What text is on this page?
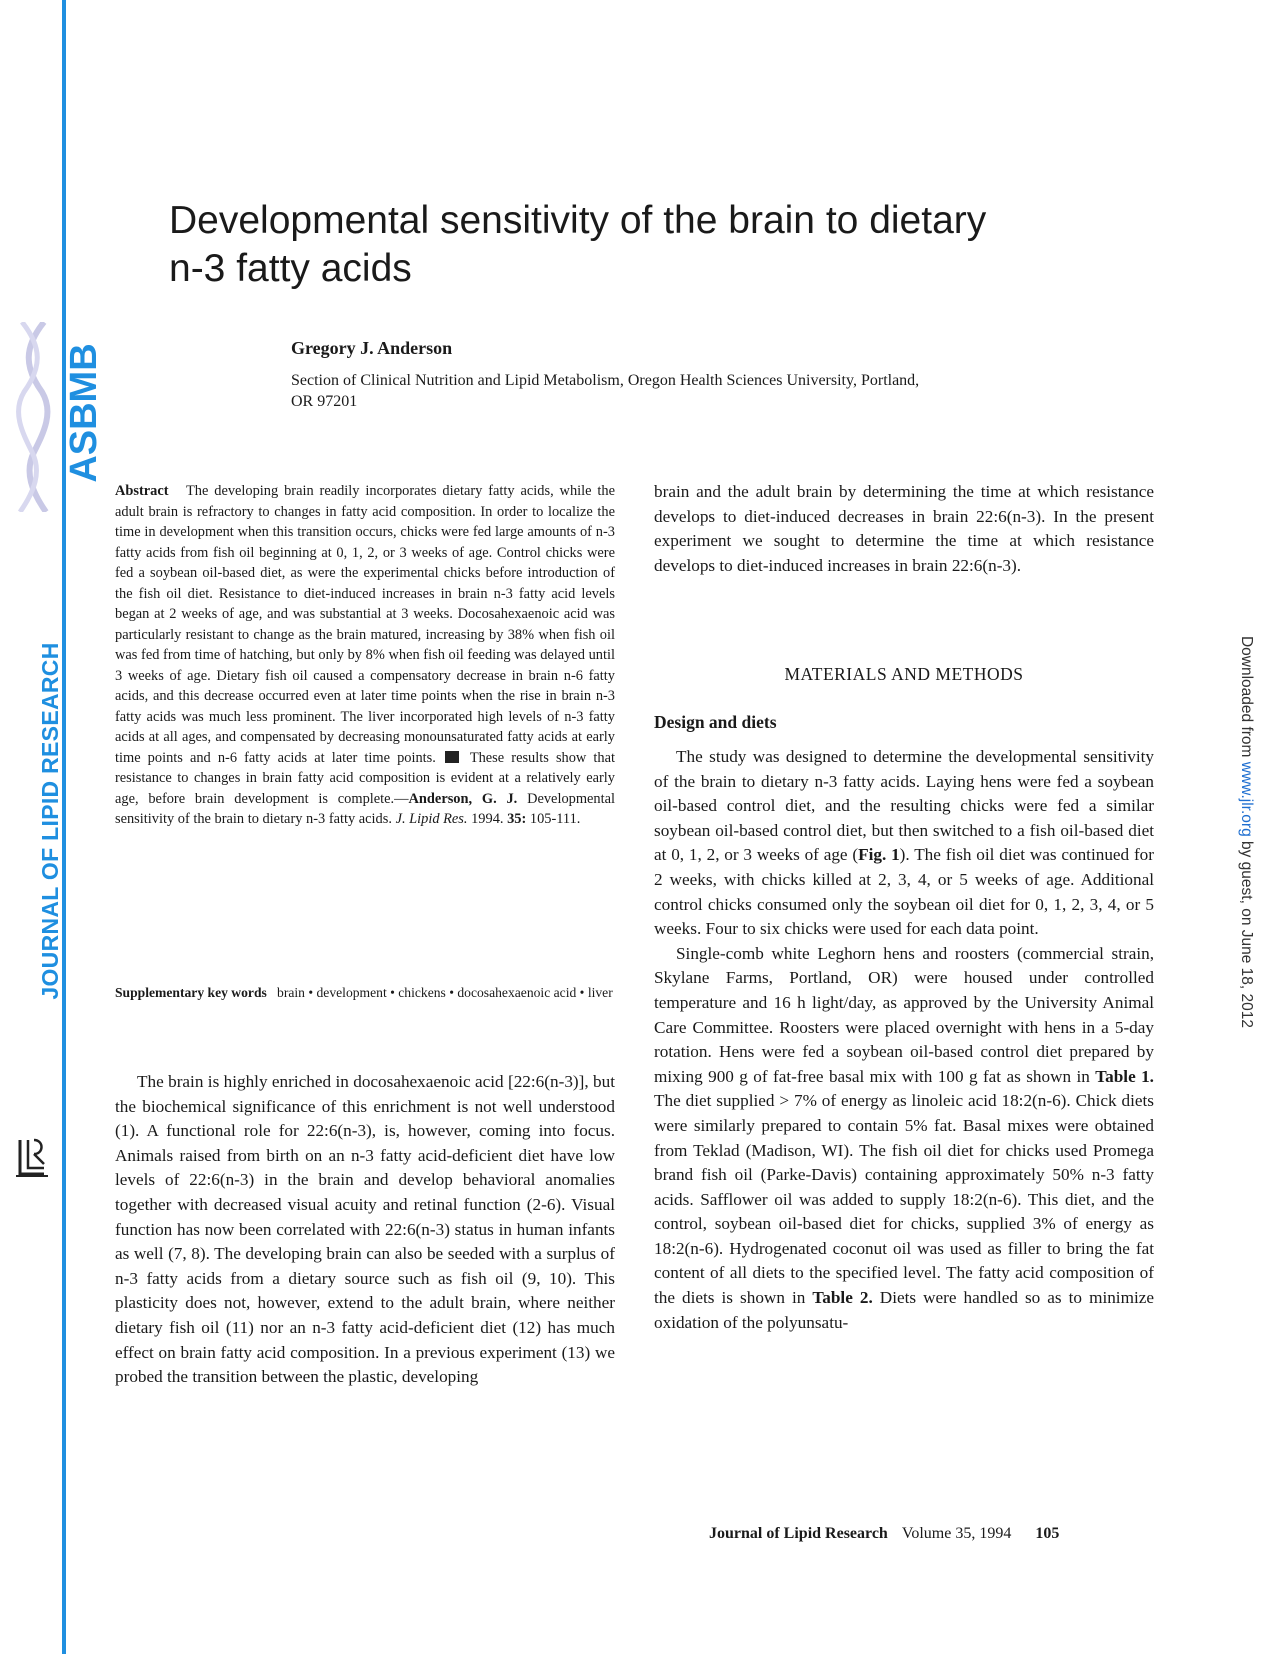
ASBMB
JOURNAL OF LIPID RESEARCH	Downloaded from www.jlr.org by guest, on June 18, 2012
Developmental sensitivity of the brain to dietary
n-3 fatty acids
Gregory J. Anderson
Section of Clinical Nutrition and Lipid Metabolism, Oregon Health Sciences University, Portland,
OR 97201
Abstract The developing brain readily incorporates dietary fatty acids, while the adult brain is refractory to changes in fatty acid composition. In order to localize the time in development when this transition occurs, chicks were fed large amounts of n-3 fatty acids from fish oil beginning at 0, 1, 2, or 3 weeks of age. Control chicks were fed a soybean oil-based diet, as were the experimental chicks before introduction of the fish oil diet. Resistance to diet-induced increases in brain n-3 fatty acid levels began at 2 weeks of age, and was substantial at 3 weeks. Docosahexaenoic acid was particularly resistant to change as the brain matured, increasing by 38% when fish oil was fed from time of hatching, but only by 8% when fish oil feeding was delayed until 3 weeks of age. Dietary fish oil caused a compensatory decrease in brain n-6 fatty acids, and this decrease occurred even at later time points when the rise in brain n-3 fatty acids was much less prominent. The liver incorporated high levels of n-3 fatty acids at all ages, and compensated by decreasing monounsaturated fatty acids at early time points and n-6 fatty acids at later time points. These results show that resistance to changes in brain fatty acid composition is evident at a relatively early age, before brain development is complete.—Anderson, G. J. Developmental sensitivity of the brain to dietary n-3 fatty acids. J. Lipid Res. 1994. 35: 105-111.
Supplementary key words brain • development • chickens • docosahexaenoic acid • liver

The brain is highly enriched in docosahexaenoic acid [22:6(n-3)], but the biochemical significance of this enrichment is not well understood (1). A functional role for 22:6(n-3), is, however, coming into focus. Animals raised from birth on an n-3 fatty acid-deficient diet have low levels of 22:6(n-3) in the brain and develop behavioral anomalies together with decreased visual acuity and retinal function (2-6). Visual function has now been correlated with 22:6(n-3) status in human infants as well (7, 8). The developing brain can also be seeded with a surplus of n-3 fatty acids from a dietary source such as fish oil (9, 10). This plasticity does not, however, extend to the adult brain, where neither dietary fish oil (11) nor an n-3 fatty acid-deficient diet (12) has much effect on brain fatty acid composition. In a previous experiment (13) we probed the transition between the plastic, developing

brain and the adult brain by determining the time at which resistance develops to diet-induced decreases in brain 22:6(n-3). In the present experiment we sought to determine the time at which resistance develops to diet-induced increases in brain 22:6(n-3).

MATERIALS AND METHODS
Design and diets

The study was designed to determine the developmental sensitivity of the brain to dietary n-3 fatty acids. Laying hens were fed a soybean oil-based control diet, and the resulting chicks were fed a similar soybean oil-based control diet, but then switched to a fish oil-based diet at 0, 1, 2, or 3 weeks of age (Fig. 1). The fish oil diet was continued for 2 weeks, with chicks killed at 2, 3, 4, or 5 weeks of age. Additional control chicks consumed only the soybean oil diet for 0, 1, 2, 3, 4, or 5 weeks. Four to six chicks were used for each data point.

Single-comb white Leghorn hens and roosters (commercial strain, Skylane Farms, Portland, OR) were housed under controlled temperature and 16 h light/day, as approved by the University Animal Care Committee. Roosters were placed overnight with hens in a 5-day rotation. Hens were fed a soybean oil-based control diet prepared by mixing 900 g of fat-free basal mix with 100 g fat as shown in Table 1. The diet supplied > 7% of energy as linoleic acid 18:2(n-6). Chick diets were similarly prepared to contain 5% fat. Basal mixes were obtained from Teklad (Madison, WI). The fish oil diet for chicks used Promega brand fish oil (Parke-Davis) containing approximately 50% n-3 fatty acids. Safflower oil was added to supply 18:2(n-6). This diet, and the control, soybean oil-based diet for chicks, supplied 3% of energy as 18:2(n-6). Hydrogenated coconut oil was used as filler to bring the fat content of all diets to the specified level. The fatty acid composition of the diets is shown in Table 2. Diets were handled so as to minimize oxidation of the polyunsatu-

Journal of Lipid Research Volume 35, 1994 105
